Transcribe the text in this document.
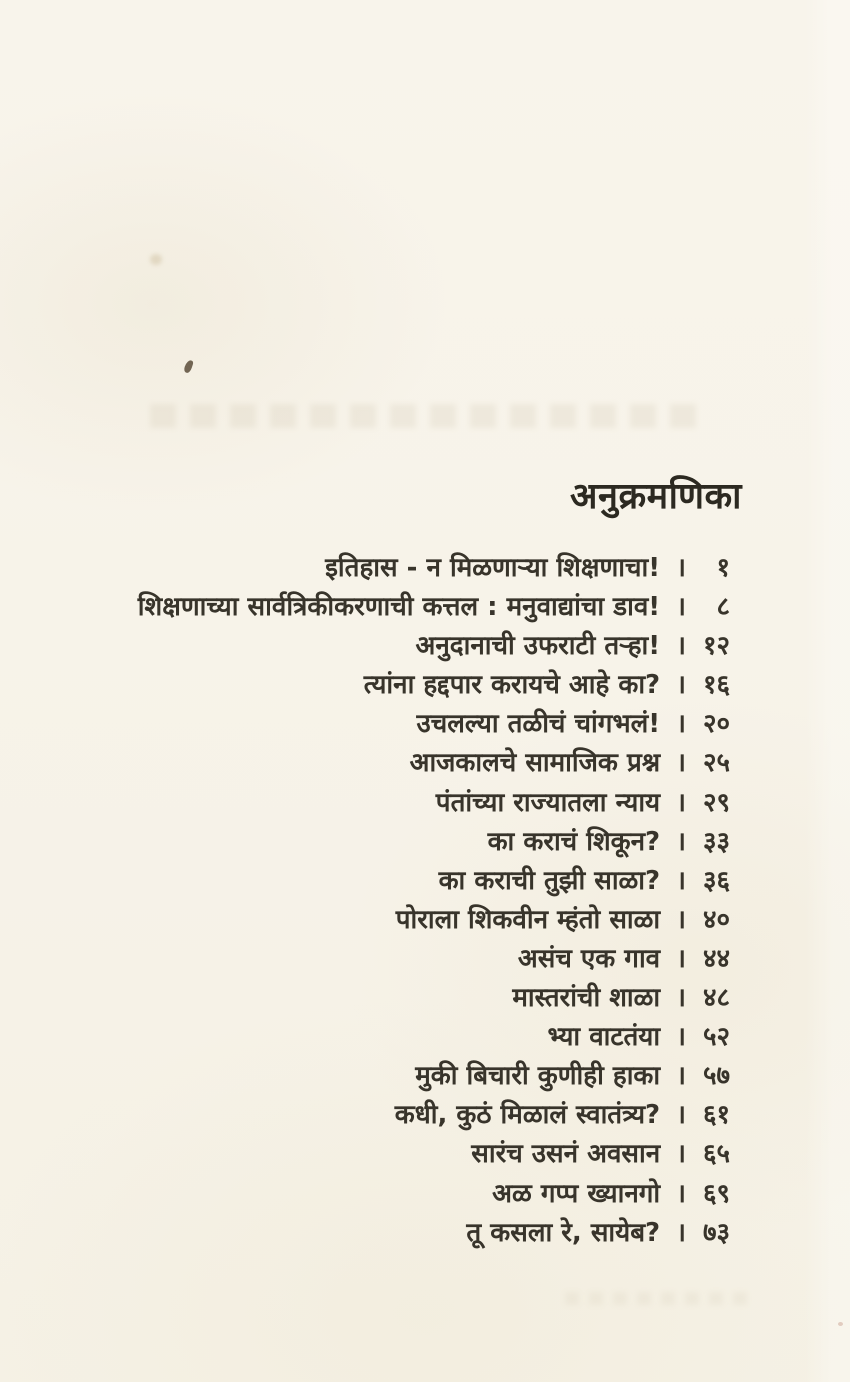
अनुक्रमणिका
इतिहास - न मिळणाऱ्या शिक्षणाचा! ।	१
शिक्षणाच्या सार्वत्रिकीकरणाची कत्तल : मनुवाद्यांचा डाव! ।	८
अनुदानाची उफराटी तऱ्हा! । १२
त्यांना हद्दपार करायचे आहे का? । १६
उचलल्या तळीचं चांगभलं! । २०
आजकालचे सामाजिक प्रश्न । २५
पंतांच्या राज्यातला न्याय । २९
का कराचं शिकून? । ३३
का कराची तुझी साळा? । ३६
पोराला शिकवीन म्हंतो साळा । ४०
असंच एक गाव । ४४
मास्तरांची शाळा । ४८
भ्या वाटतंया । ५२
मुकी बिचारी कुणीही हाका । ५७
कधी, कुठं मिळालं स्वातंत्र्य? । ६१
सारंच उसनं अवसान । ६५
अळ गप्प ख्यानगो । ६९
तू कसला रे, सायेब? । ७३
